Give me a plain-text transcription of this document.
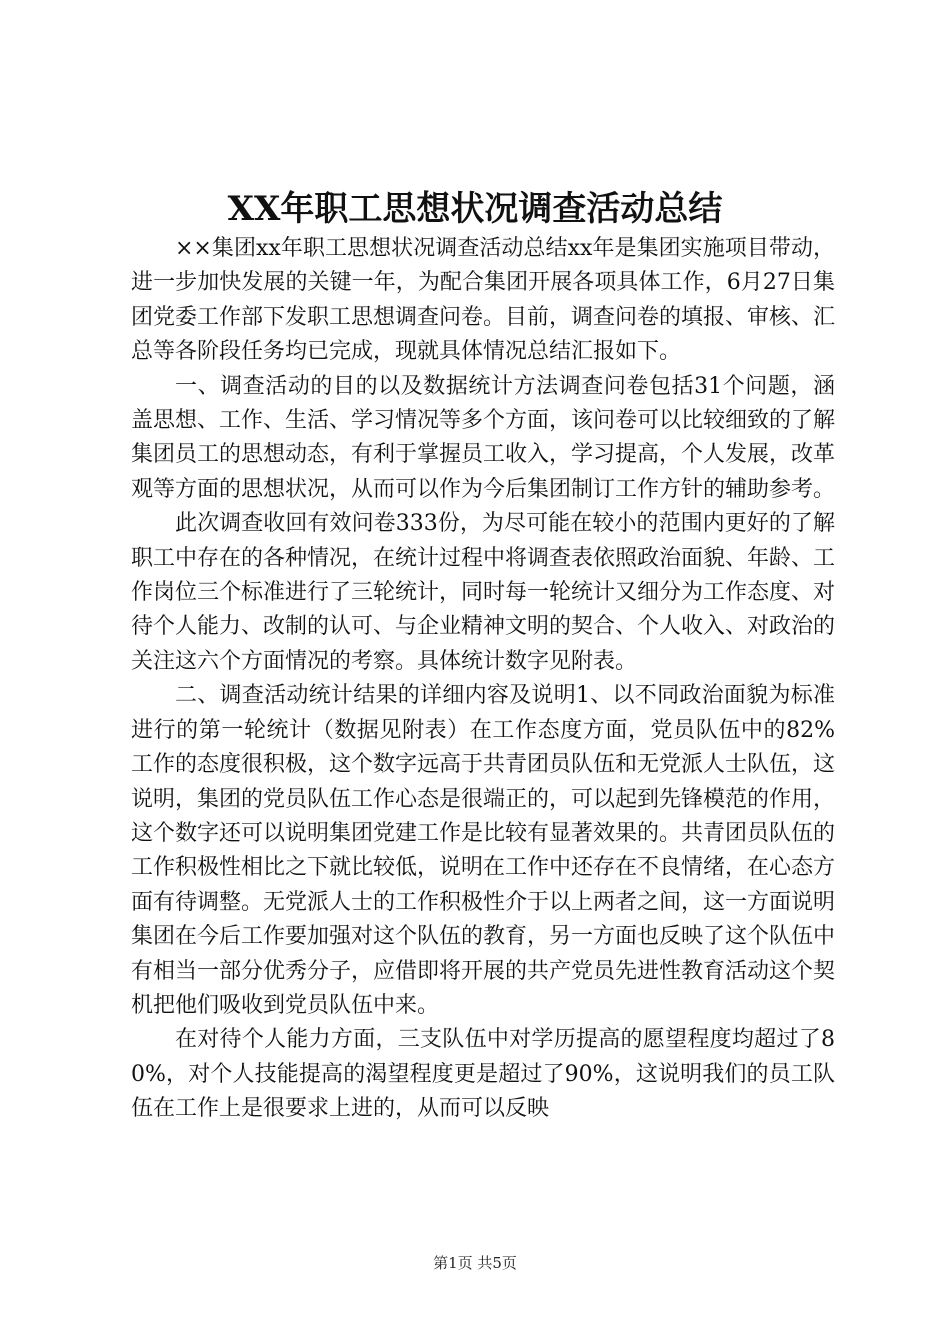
XX年职工思想状况调查活动总结

××集团xx年职工思想状况调查活动总结xx年是集团实施项目带动，进一步加快发展的关键一年，为配合集团开展各项具体工作，6月27日集团党委工作部下发职工思想调查问卷。目前，调查问卷的填报、审核、汇总等各阶段任务均已完成，现就具体情况总结汇报如下。

一、调查活动的目的以及数据统计方法调查问卷包括31个问题，涵盖思想、工作、生活、学习情况等多个方面，该问卷可以比较细致的了解集团员工的思想动态，有利于掌握员工收入，学习提高，个人发展，改革观等方面的思想状况，从而可以作为今后集团制订工作方针的辅助参考。

此次调查收回有效问卷333份，为尽可能在较小的范围内更好的了解职工中存在的各种情况，在统计过程中将调查表依照政治面貌、年龄、工作岗位三个标准进行了三轮统计，同时每一轮统计又细分为工作态度、对待个人能力、改制的认可、与企业精神文明的契合、个人收入、对政治的关注这六个方面情况的考察。具体统计数字见附表。

二、调查活动统计结果的详细内容及说明1、以不同政治面貌为标准进行的第一轮统计（数据见附表）在工作态度方面，党员队伍中的82%工作的态度很积极，这个数字远高于共青团员队伍和无党派人士队伍，这说明，集团的党员队伍工作心态是很端正的，可以起到先锋模范的作用，这个数字还可以说明集团党建工作是比较有显著效果的。共青团员队伍的工作积极性相比之下就比较低，说明在工作中还存在不良情绪，在心态方面有待调整。无党派人士的工作积极性介于以上两者之间，这一方面说明集团在今后工作要加强对这个队伍的教育，另一方面也反映了这个队伍中有相当一部分优秀分子，应借即将开展的共产党员先进性教育活动这个契机把他们吸收到党员队伍中来。

在对待个人能力方面，三支队伍中对学历提高的愿望程度均超过了80%，对个人技能提高的渴望程度更是超过了90%，这说明我们的员工队伍在工作上是很要求上进的，从而可以反映

第1页 共5页
